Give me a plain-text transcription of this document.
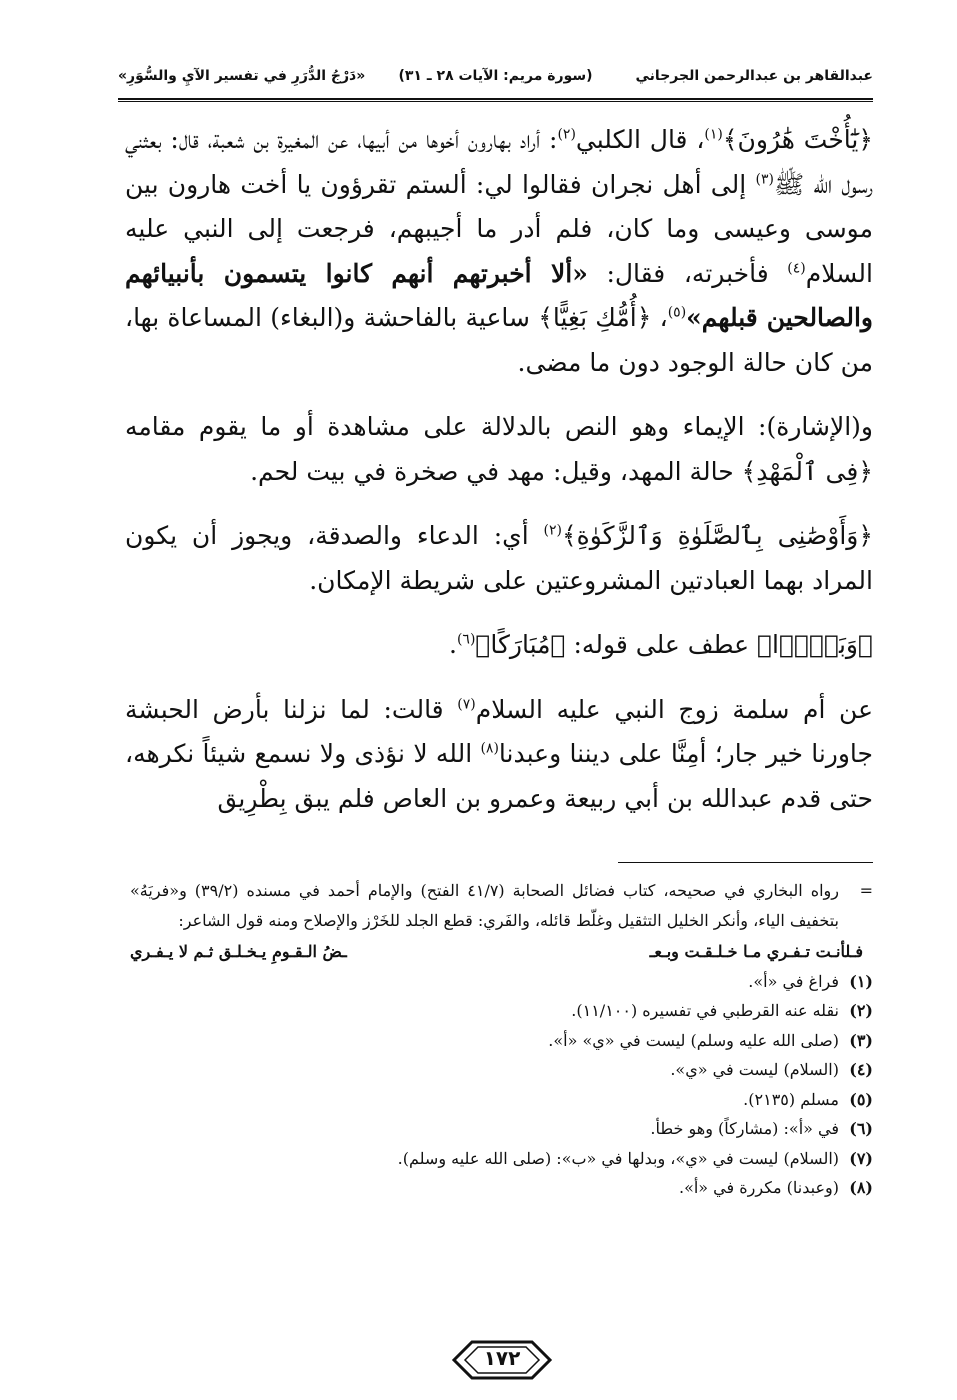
عبدالقاهر بن عبدالرحمن الجرجاني
(سورة مريم: الآيات ٢٨ ـ ٣١)
«دَرْجُ الدُّرَرِ في تفسير الآيِ والسُّوَرِ»

﴿يَٰٓأُخْتَ هَٰرُونَ﴾$^{(١)}$، قال الكلبي$^{(٢)}$: أراد بهارون أخوها من أبيها، عن المغيرة بن شعبة، قال: بعثني رسول الله ﷺ$^{(٣)}$ إلى أهل نجران فقالوا لي: ألستم تقرؤون يا أخت هارون بين موسى وعيسى وما كان، فلم أدر ما أجيبهم، فرجعت إلى النبي عليه السلام$^{(٤)}$ فأخبرته، فقال: «ألا أخبرتهم أنهم كانوا يتسمون بأنبيائهم والصالحين قبلهم»$^{(٥)}$، ﴿أُمُّكِ بَغِيًّا﴾ ساعية بالفاحشة و(البغاء) المساعاة بها، من كان حالة الوجود دون ما مضى.

و(الإشارة): الإيماء وهو النص بالدلالة على مشاهدة أو ما يقوم مقامه ﴿فِى ٱلْمَهْدِ﴾ حالة المهد، وقيل: مهد في صخرة في بيت لحم.

﴿وَأَوْصَٰنِى بِٱلصَّلَوٰةِ وَٱلزَّكَوٰةِ﴾$^{(٢)}$ أي: الدعاء والصدقة، ويجوز أن يكون المراد بهما العبادتين المشروعتين على شريطة الإمكان.

﴿وَبَرًّۢا﴾ عطف على قوله: ﴿مُبَارَكًا﴾$^{(٦)}$.

عن أم سلمة زوج النبي عليه السلام$^{(٧)}$ قالت: لما نزلنا بأرض الحبشة جاورنا خير جار؛ أمِنَّا على ديننا وعبدنا$^{(٨)}$ الله لا نؤذى ولا نسمع شيئاً نكرهه، حتى قدم عبدالله بن أبي ربيعة وعمرو بن العاص فلم يبق بِطْرِيق

=
رواه البخاري في صحيحه، كتاب فضائل الصحابة (٤١/٧ الفتح) والإمام أحمد في مسنده (٣٩/٢) و«فريَهُ» بتخفيف الياء، وأنكر الخليل التثقيل وغلّط قائله، والفَري: قطع الجلد للخَرْز والإصلاح ومنه قول الشاعر:
فـلأنـت تـفـري مـا خـلـقـت وبـعـ
ـضُ الـقـومِ يـخـلـق ثـم لا يـفـري
(١)
فراغ في «أ».
(٢)
نقله عنه القرطبي في تفسيره (١١/١٠٠).
(٣)
(صلى الله عليه وسلم) ليست في «ي» «أ».
(٤)
(السلام) ليست في «ي».
(٥)
مسلم (٢١٣٥).
(٦)
في «أ»: (مشاركاً) وهو خطأ.
(٧)
(السلام) ليست في «ي»، وبدلها في «ب»: (صلى الله عليه وسلم).
(٨)
(وعبدنا) مكررة في «أ».
١٧٢
